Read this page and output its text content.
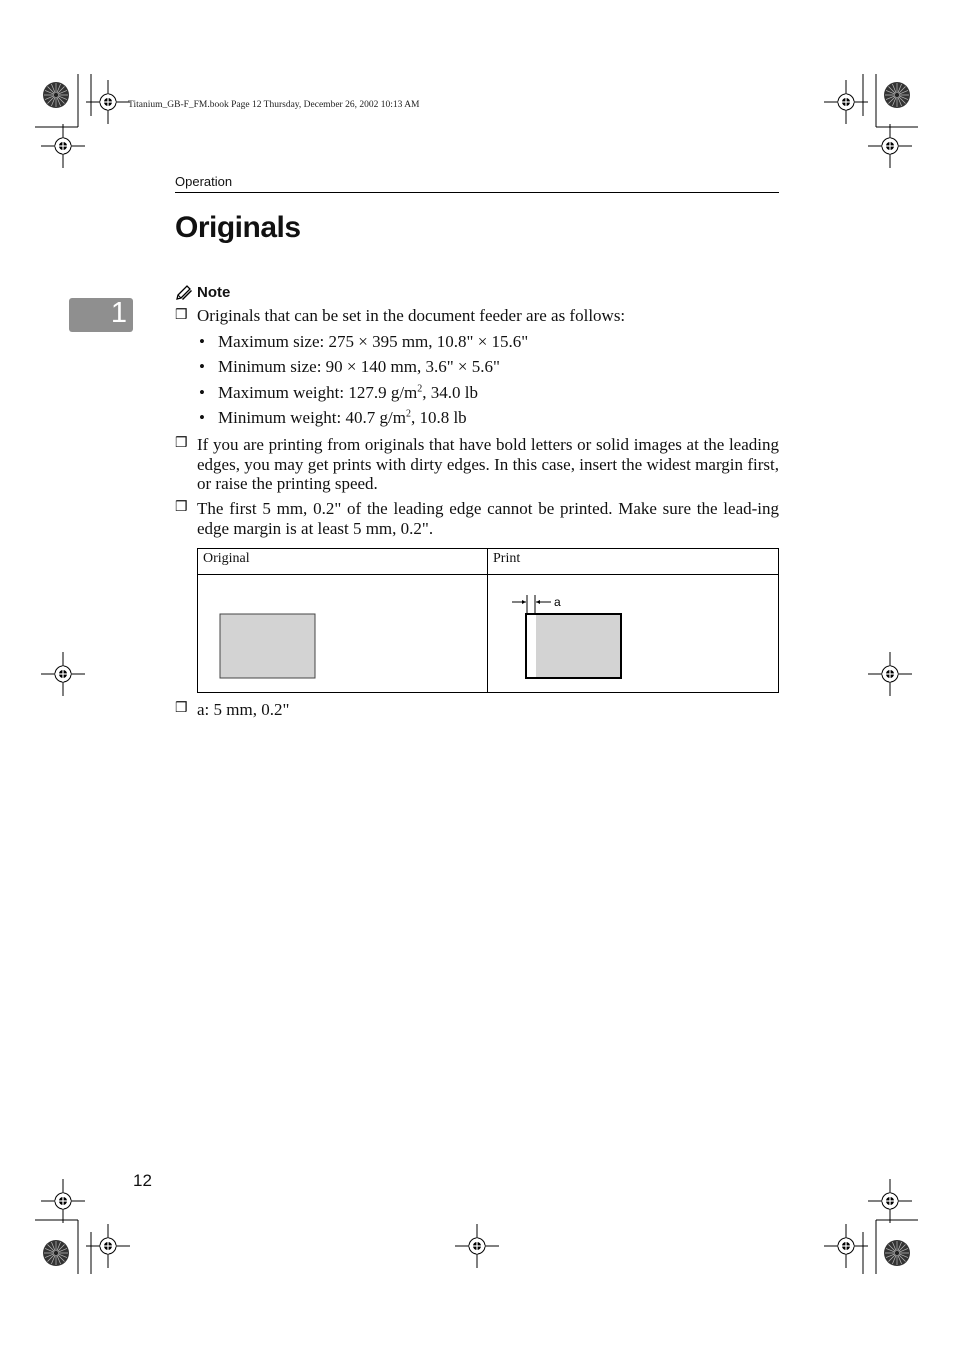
Titanium_GB-F_FM.book Page 12 Thursday, December 26, 2002 10:13 AM
Operation
Originals
1
Note
❒ Originals that can be set in the document feeder are as follows:
• Maximum size: 275 × 395 mm, 10.8" × 15.6"
• Minimum size: 90 × 140 mm, 3.6" × 5.6"
• Maximum weight: 127.9 $g/m^2$, 34.0 lb
• Minimum weight: 40.7 $g/m^2$, 10.8 lb
❒ If you are printing from originals that have bold letters or solid images at the leading edges, you may get prints with dirty edges. In this case, insert the widest margin first, or raise the printing speed.
❒ The first 5 mm, 0.2" of the leading edge cannot be printed. Make sure the lead-ing edge margin is at least 5 mm, 0.2".
Original	Print
a
❒ a: 5 mm, 0.2"
12
